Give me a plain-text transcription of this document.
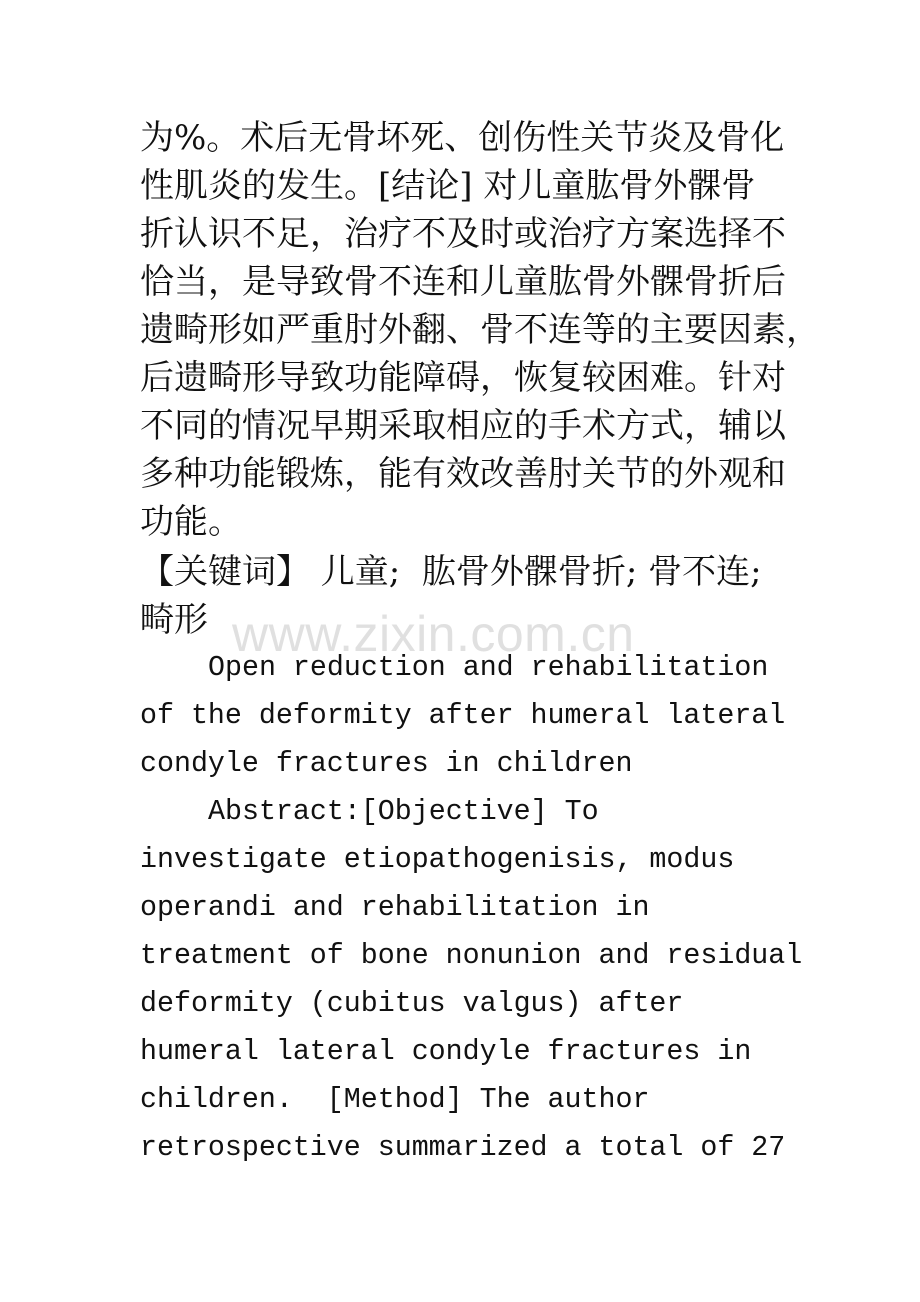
为%。术后无骨坏死、创伤性关节炎及骨化
性肌炎的发生。[结论] 对儿童肱骨外髁骨
折认识不足，治疗不及时或治疗方案选择不
恰当，是导致骨不连和儿童肱骨外髁骨折后
遗畸形如严重肘外翻、骨不连等的主要因素，
后遗畸形导致功能障碍，恢复较困难。针对
不同的情况早期采取相应的手术方式，辅以
多种功能锻炼，能有效改善肘关节的外观和
功能。
【关键词】 儿童;  肱骨外髁骨折; 骨不连;
畸形 www.zixin.com.cn
Open reduction and rehabilitation
of the deformity after humeral lateral
condyle fractures in children
Abstract:[Objective] To
investigate etiopathogenisis, modus
operandi and rehabilitation in
treatment of bone nonunion and residual
deformity (cubitus valgus) after
humeral lateral condyle fractures in
children.  [Method] The author
retrospective summarized a total of 27
